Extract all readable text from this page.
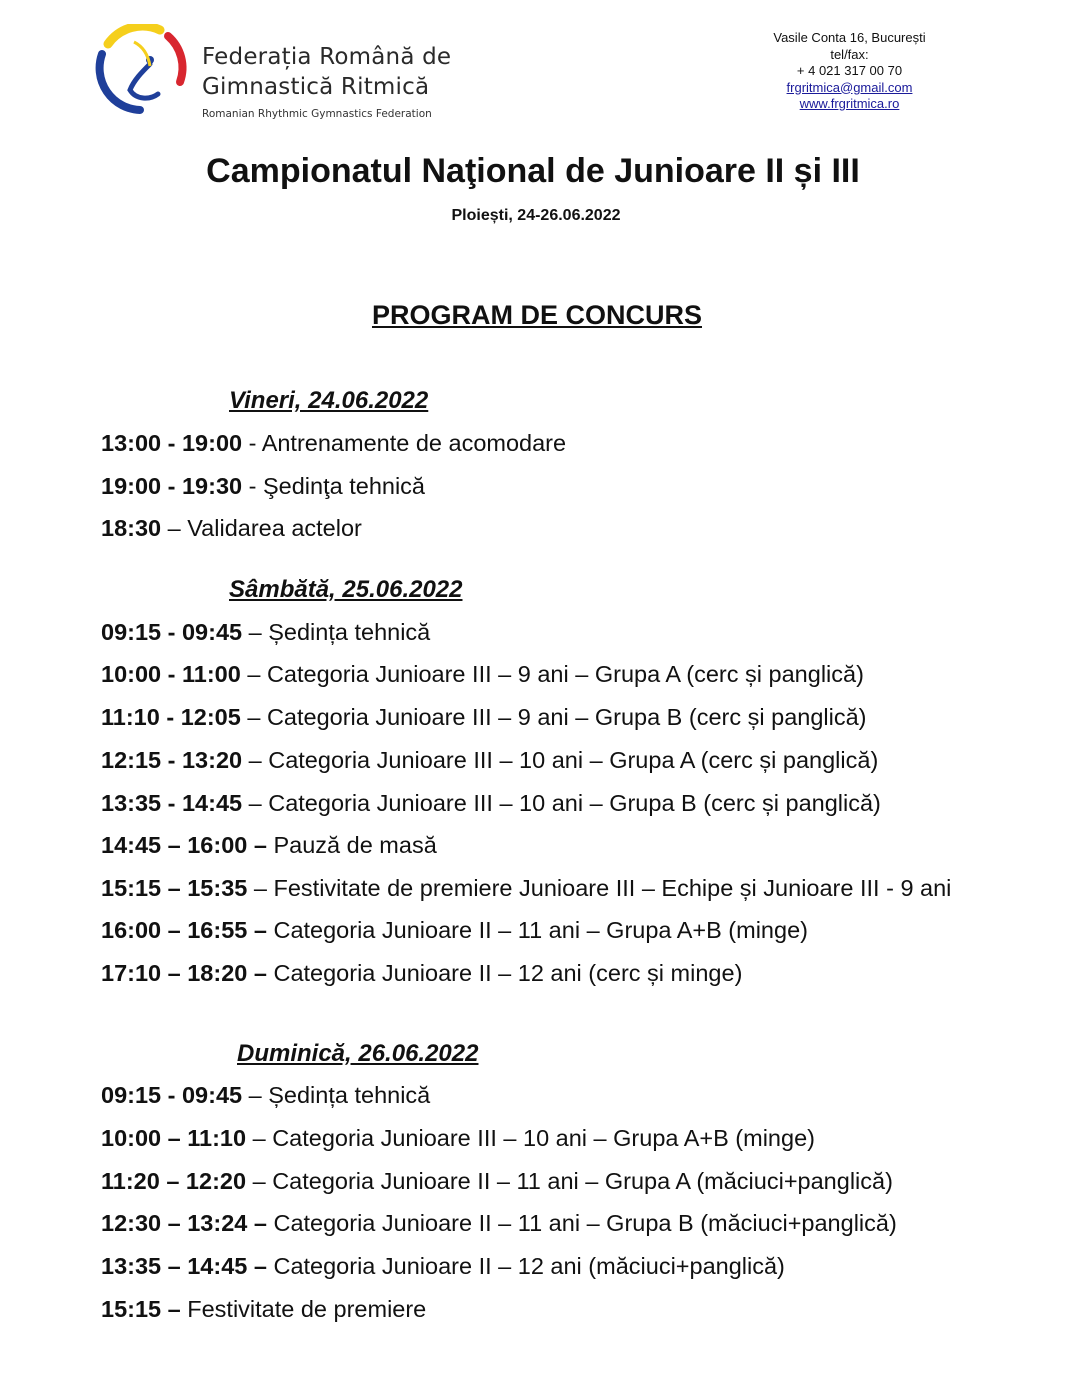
Federația Română de
Gimnastică Ritmică
Romanian Rhythmic Gymnastics Federation
Vasile Conta 16, București
tel/fax:
+ 4 021 317 00 70
frgritmica@gmail.com
www.frgritmica.ro
Campionatul Naţional de Junioare II și III
Ploiești, 24-26.06.2022
PROGRAM DE CONCURS
Vineri, 24.06.2022
13:00 - 19:00 - Antrenamente de acomodare
19:00 - 19:30 - Şedinţa tehnică
18:30 – Validarea actelor
Sâmbătă, 25.06.2022
09:15 - 09:45 – Ședința tehnică
10:00 - 11:00 – Categoria Junioare III – 9 ani – Grupa A (cerc și panglică)
11:10 - 12:05 – Categoria Junioare III – 9 ani – Grupa B (cerc și panglică)
12:15 - 13:20 – Categoria Junioare III – 10 ani – Grupa A (cerc și panglică)
13:35 - 14:45 – Categoria Junioare III – 10 ani – Grupa B (cerc și panglică)
14:45 – 16:00 – Pauză de masă
15:15 – 15:35 – Festivitate de premiere Junioare III – Echipe și Junioare III - 9 ani
16:00 – 16:55 – Categoria Junioare II – 11 ani – Grupa A+B (minge)
17:10 – 18:20 – Categoria Junioare II – 12 ani (cerc și minge)
Duminică, 26.06.2022
09:15 - 09:45 – Ședința tehnică
10:00 – 11:10 – Categoria Junioare III – 10 ani – Grupa A+B (minge)
11:20 – 12:20 – Categoria Junioare II – 11 ani – Grupa A (măciuci+panglică)
12:30 – 13:24 – Categoria Junioare II – 11 ani – Grupa B (măciuci+panglică)
13:35 – 14:45 – Categoria Junioare II – 12 ani (măciuci+panglică)
15:15 – Festivitate de premiere
